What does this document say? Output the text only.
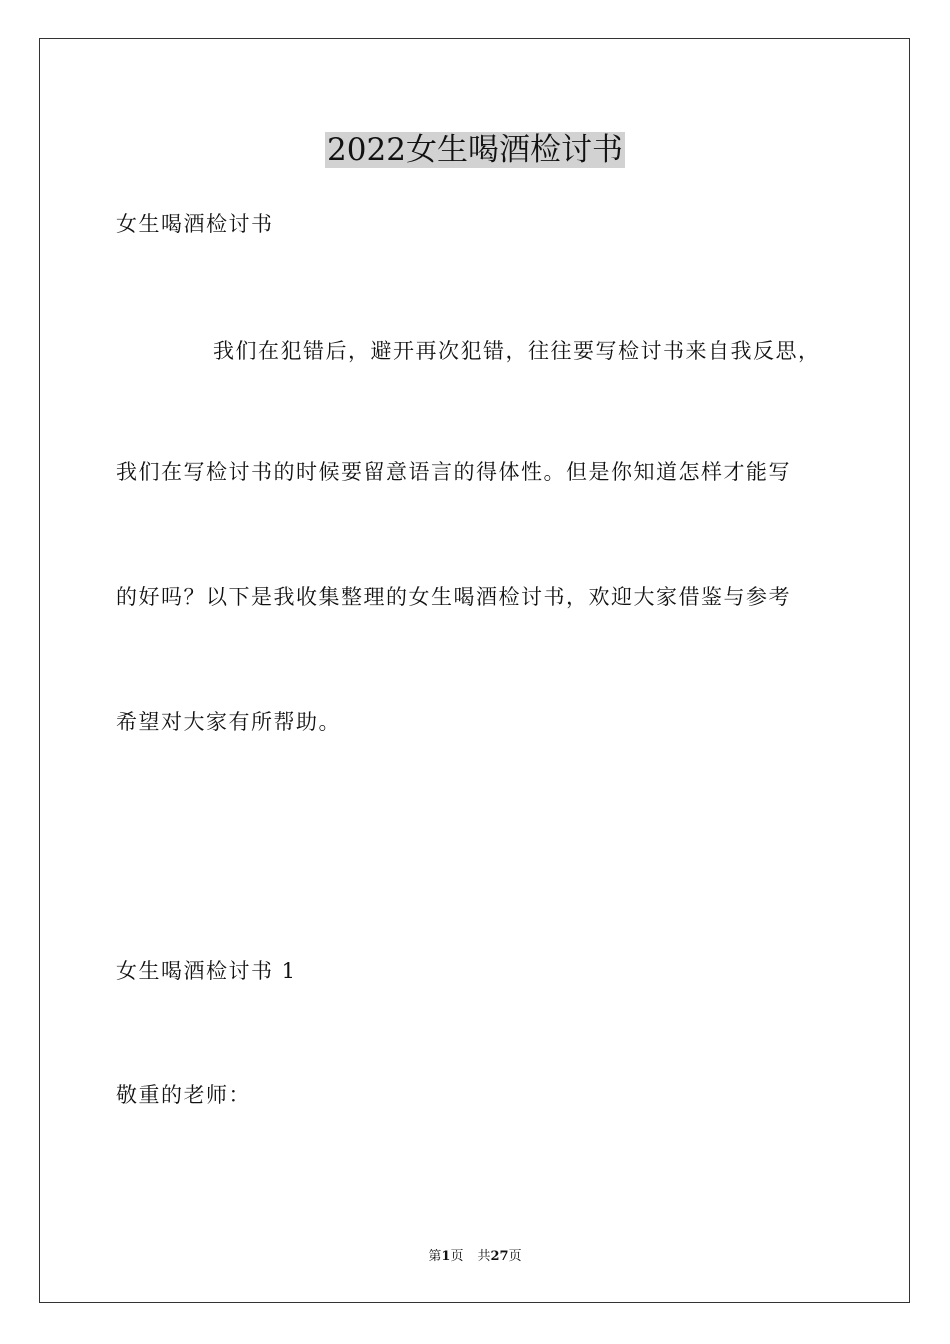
2022女生喝酒检讨书
女生喝酒检讨书
我们在犯错后，避开再次犯错，往往要写检讨书来自我反思，
我们在写检讨书的时候要留意语言的得体性。但是你知道怎样才能写
的好吗？以下是我收集整理的女生喝酒检讨书，欢迎大家借鉴与参考
希望对大家有所帮助。
女生喝酒检讨书 1
敬重的老师：
第1页 共27页
